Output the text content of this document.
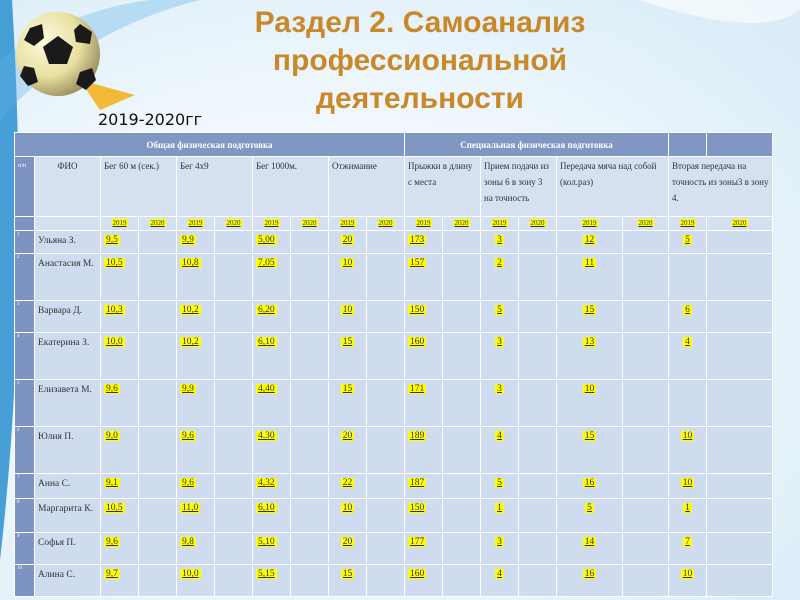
Раздел 2. Самоанализ
профессиональной
деятельности
2019-2020гг
Общая физическая подготовка										Специальная физическая подготовка							
п/п	ФИО	Бег 60 м (сек.)		Бег 4х9		Бег 1000м.		Отжимание		Прыжки в длину с места		Прием подачи из зоны 6 в зону 3 на точность		Передача мяча над собой (кол.раз)		Вторая передача на точность из зоны3 в зону 4.	
		2019	2020	2019	2020	2019	2020	2019	2020	2019	2020	2019	2020	2019	2020	2019	2020
1	Ульяна З.	9,5		9,9		5,00		20		173		3		12		5	
2	Анастасия М.	10,5		10,8		7,05		10		157		2		11			
3	Варвара Д.	10,3		10,2		6,20		10		150		5		15		6	
4	Екатерина З.	10,0		10,2		6,10		15		160		3		13		4	
5	Елизавета М.	9,6		9,9		4,40		15		171		3		10			
6	Юлия П.	9,0		9,6		4.30		20		189		4		15		10	
7	Анна С.	9,1		9,6		4,32		22		187		5		16		10	
8	Маргарита К.	10,5		11,0		6,10		10		150		1		5		1	
9	Софья П.	9,6		9,8		5,10		20		177		3		14		7	
10	Алина С.	9,7		10,0		5,15		15		160		4		16		10	
